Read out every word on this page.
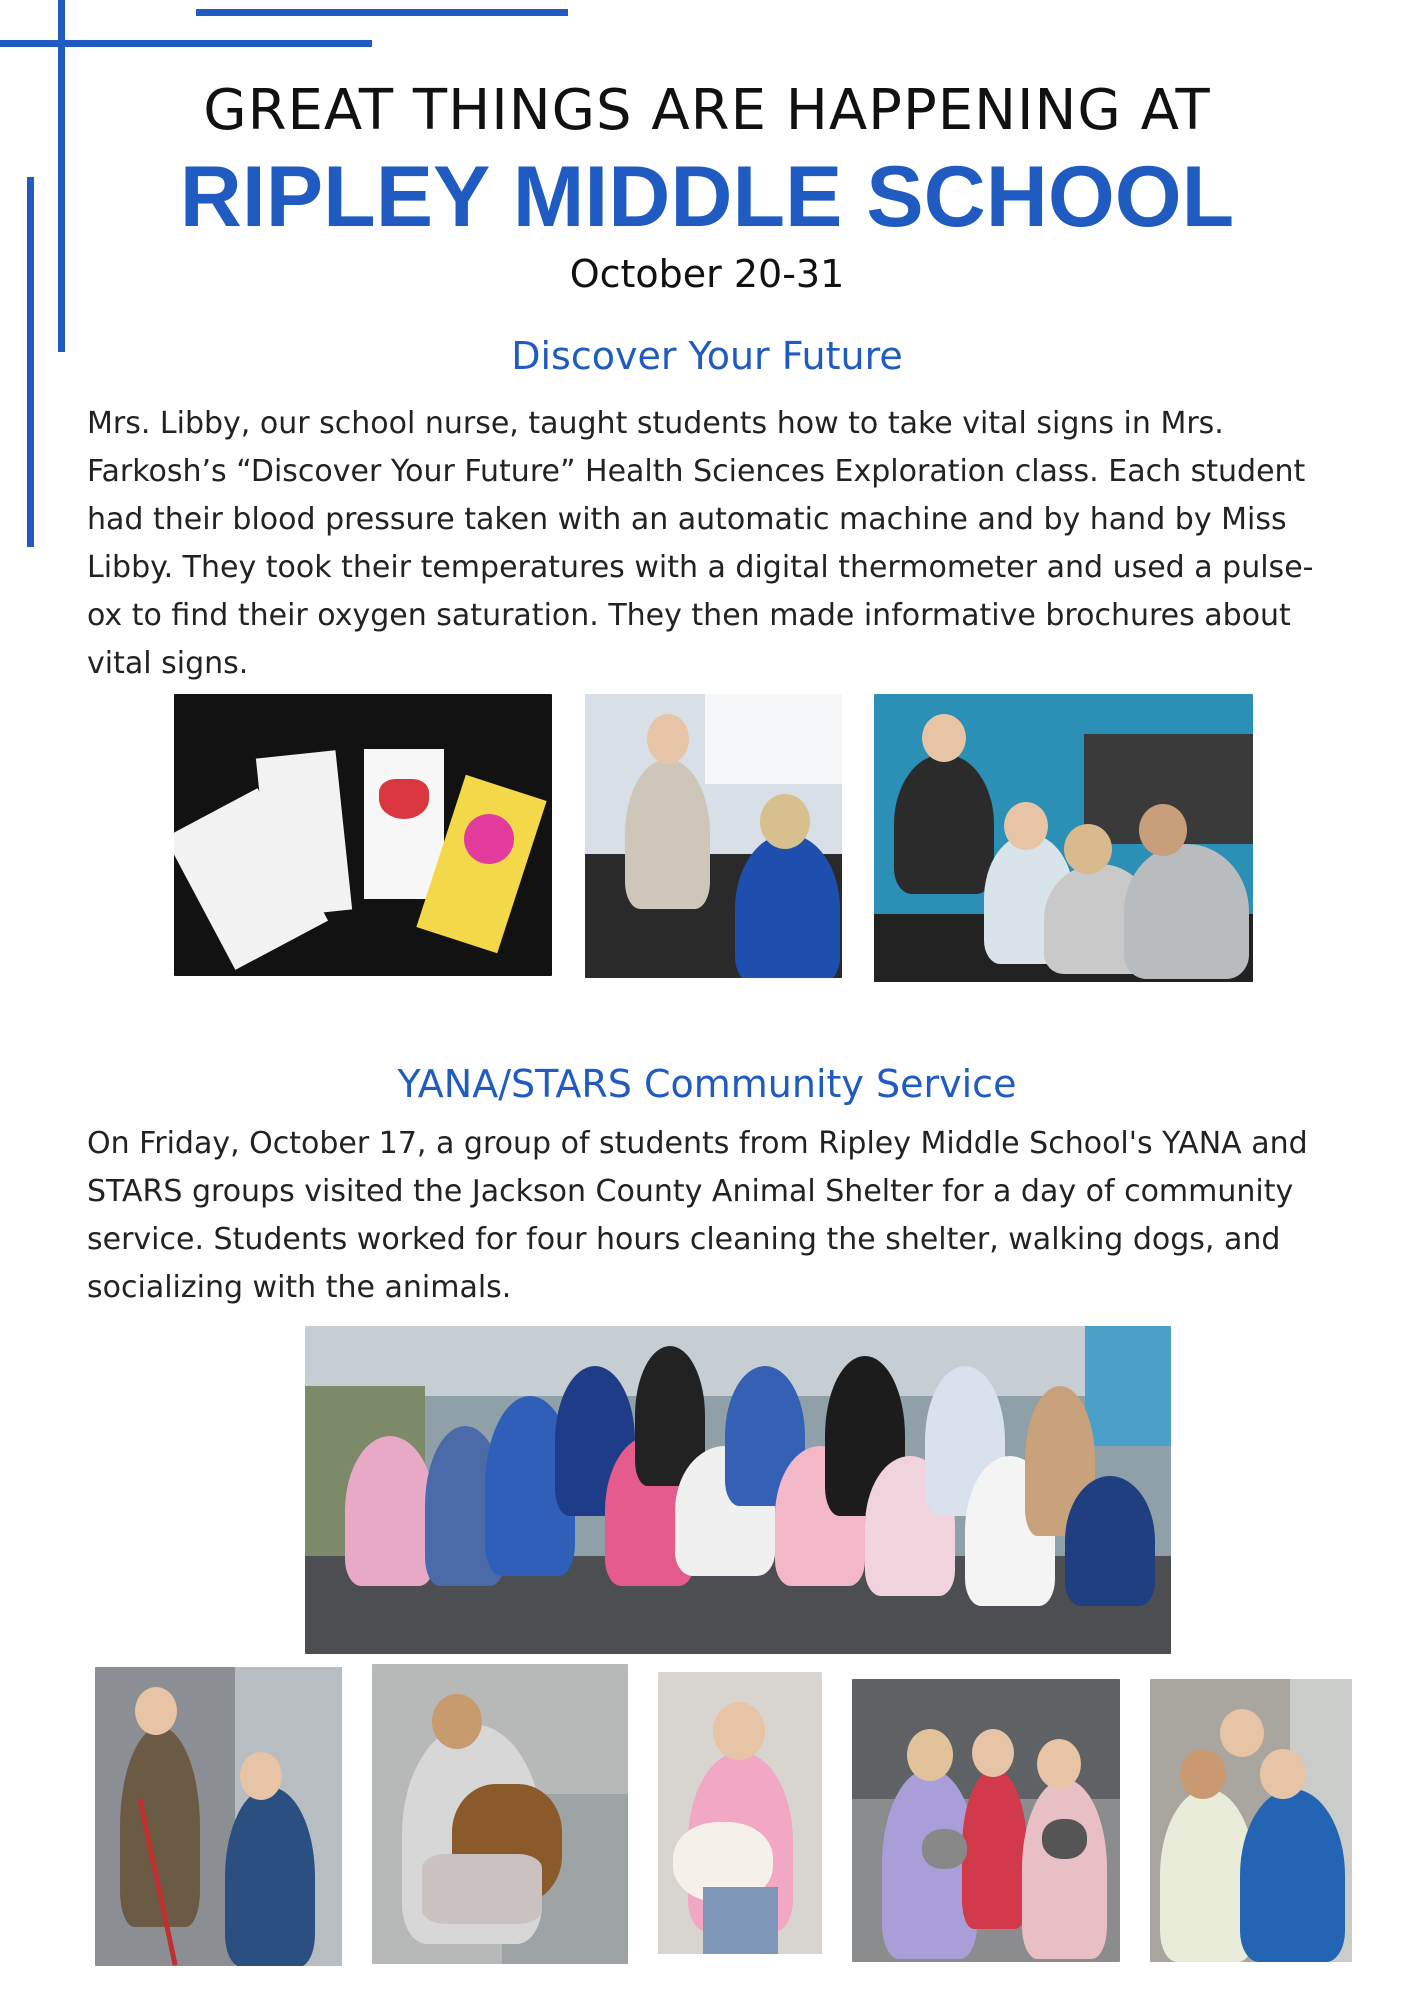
GREAT THINGS ARE HAPPENING AT
RIPLEY MIDDLE SCHOOL
October 20-31
Discover Your Future
Mrs. Libby, our school nurse, taught students how to take vital signs in Mrs. Farkosh’s “Discover Your Future” Health Sciences Exploration class. Each student had their blood pressure taken with an automatic machine and by hand by Miss Libby. They took their temperatures with a digital thermometer and used a pulse-ox to find their oxygen saturation. They then made informative brochures about vital signs.
YANA/STARS Community Service
On Friday, October 17, a group of students from Ripley Middle School's YANA and STARS groups visited the Jackson County Animal Shelter for a day of community service. Students worked for four hours cleaning the shelter, walking dogs, and socializing with the animals.
